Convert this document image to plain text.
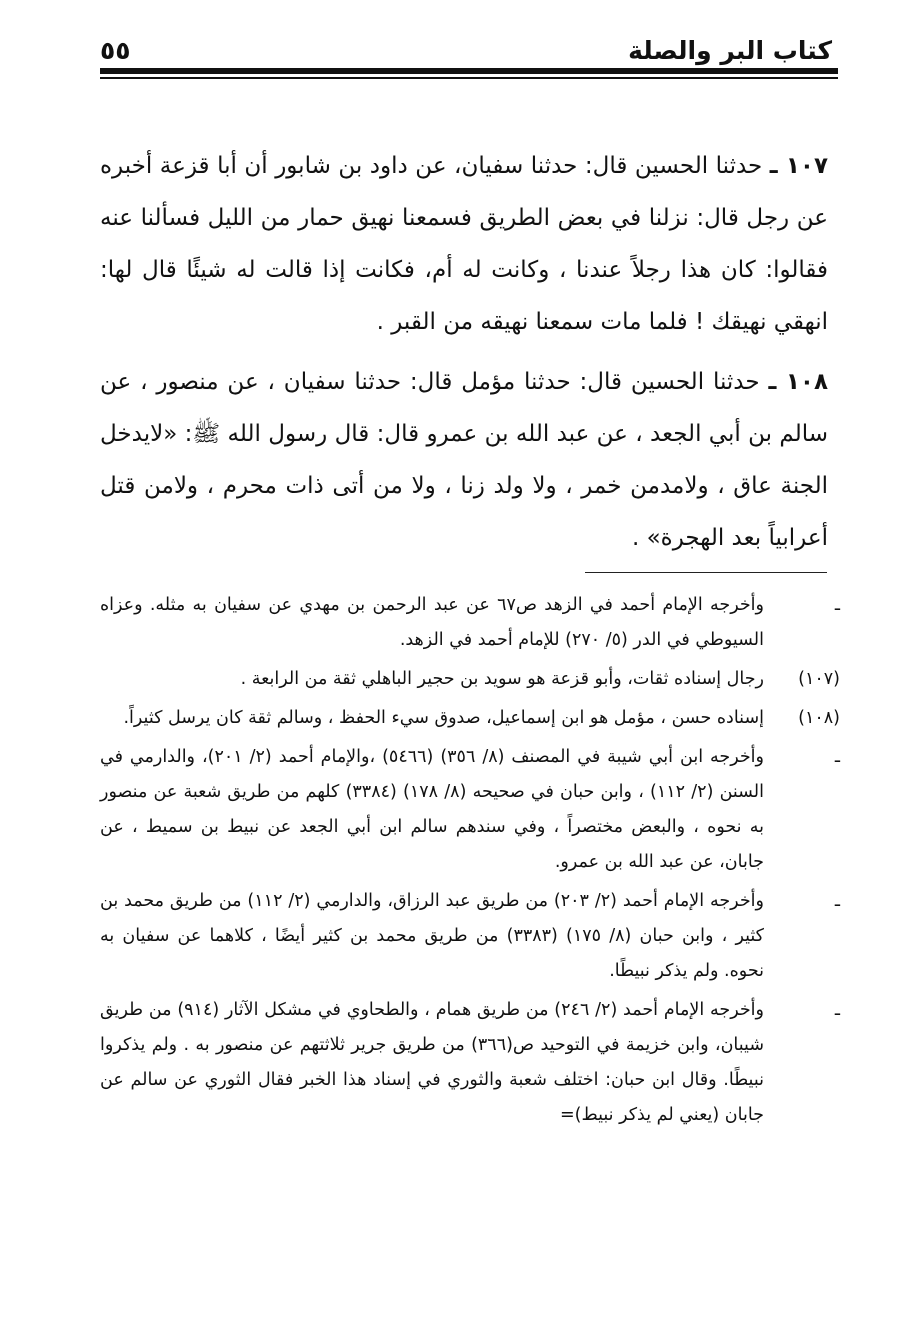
كتاب البر والصلة
٥٥

١٠٧ ـ حدثنا الحسين قال: حدثنا سفيان، عن داود بن شابور أن أبا قزعة أخبره عن رجل قال: نزلنا في بعض الطريق فسمعنا نهيق حمار من الليل فسألنا عنه فقالوا: كان هذا رجلاً عندنا ، وكانت له أم، فكانت إذا قالت له شيئًا قال لها: انهقي نهيقك ! فلما مات سمعنا نهيقه من القبر .

١٠٨ ـ حدثنا الحسين قال: حدثنا مؤمل قال: حدثنا سفيان ، عن منصور ، عن سالم بن أبي الجعد ، عن عبد الله بن عمرو قال: قال رسول الله ﷺ: «لايدخل الجنة عاق ، ولامدمن خمر ، ولا ولد زنا ، ولا من أتى ذات محرم ، ولامن قتل أعرابياً بعد الهجرة» .

ـ
وأخرجه الإمام أحمد في الزهد ص٦٧ عن عبد الرحمن بن مهدي عن سفيان به مثله. وعزاه السيوطي في الدر (٥/ ٢٧٠) للإمام أحمد في الزهد.
(١٠٧)
رجال إسناده ثقات، وأبو قزعة هو سويد بن حجير الباهلي ثقة من الرابعة .
(١٠٨)
إسناده حسن ، مؤمل هو ابن إسماعيل، صدوق سيء الحفظ ، وسالم ثقة كان يرسل كثيراً.
ـ
وأخرجه ابن أبي شيبة في المصنف (٨/ ٣٥٦) (٥٤٦٦) ،والإمام أحمد (٢/ ٢٠١)، والدارمي في السنن (٢/ ١١٢) ، وابن حبان في صحيحه (٨/ ١٧٨) (٣٣٨٤) كلهم من طريق شعبة عن منصور به نحوه ، والبعض مختصراً ، وفي سندهم سالم ابن أبي الجعد عن نبيط بن سميط ، عن جابان، عن عبد الله بن عمرو.
ـ
وأخرجه الإمام أحمد (٢/ ٢٠٣) من طريق عبد الرزاق، والدارمي (٢/ ١١٢) من طريق محمد بن كثير ، وابن حبان (٨/ ١٧٥) (٣٣٨٣) من طريق محمد بن كثير أيضًا ، كلاهما عن سفيان به نحوه. ولم يذكر نبيطًا.
ـ
وأخرجه الإمام أحمد (٢/ ٢٤٦) من طريق همام ، والطحاوي في مشكل الآثار (٩١٤) من طريق شيبان، وابن خزيمة في التوحيد ص(٣٦٦) من طريق جرير ثلاثتهم عن منصور به . ولم يذكروا نبيطًا. وقال ابن حبان: اختلف شعبة والثوري في إسناد هذا الخبر فقال الثوري عن سالم عن جابان (يعني لم يذكر نبيط)=
